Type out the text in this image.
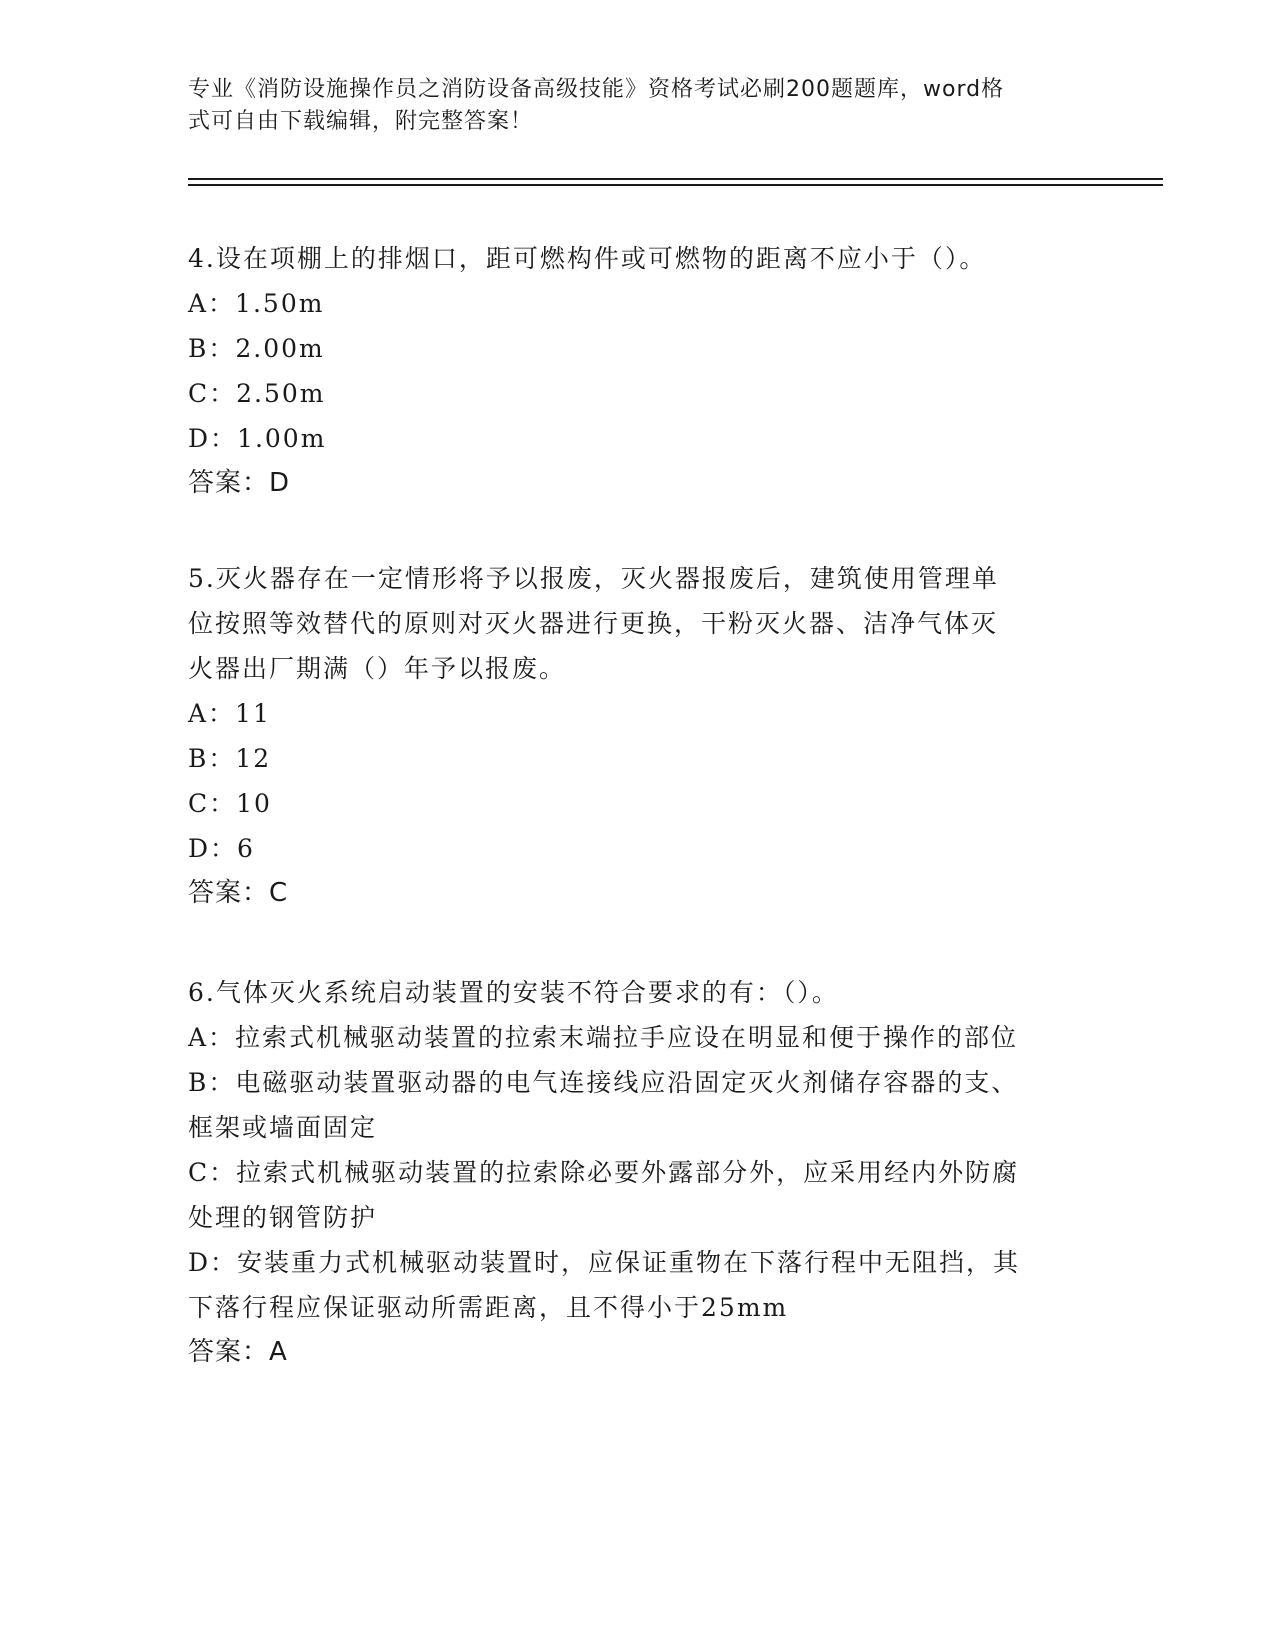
专业《消防设施操作员之消防设备高级技能》资格考试必刷200题题库，word格
式可自由下载编辑，附完整答案！

4.设在项棚上的排烟口，距可燃构件或可燃物的距离不应小于（）。

A：1.50m

B：2.00m

C：2.50m

D：1.00m

答案：D

5.灭火器存在一定情形将予以报废，灭火器报废后，建筑使用管理单

位按照等效替代的原则对灭火器进行更换，干粉灭火器、洁净气体灭

火器出厂期满（）年予以报废。

A：11

B：12

C：10

D：6

答案：C

6.气体灭火系统启动装置的安装不符合要求的有：（）。

A：拉索式机械驱动装置的拉索末端拉手应设在明显和便于操作的部位

B：电磁驱动装置驱动器的电气连接线应沿固定灭火剂储存容器的支、

框架或墙面固定

C：拉索式机械驱动装置的拉索除必要外露部分外，应采用经内外防腐

处理的钢管防护

D：安装重力式机械驱动装置时，应保证重物在下落行程中无阻挡，其

下落行程应保证驱动所需距离，且不得小于25mm

答案：A
